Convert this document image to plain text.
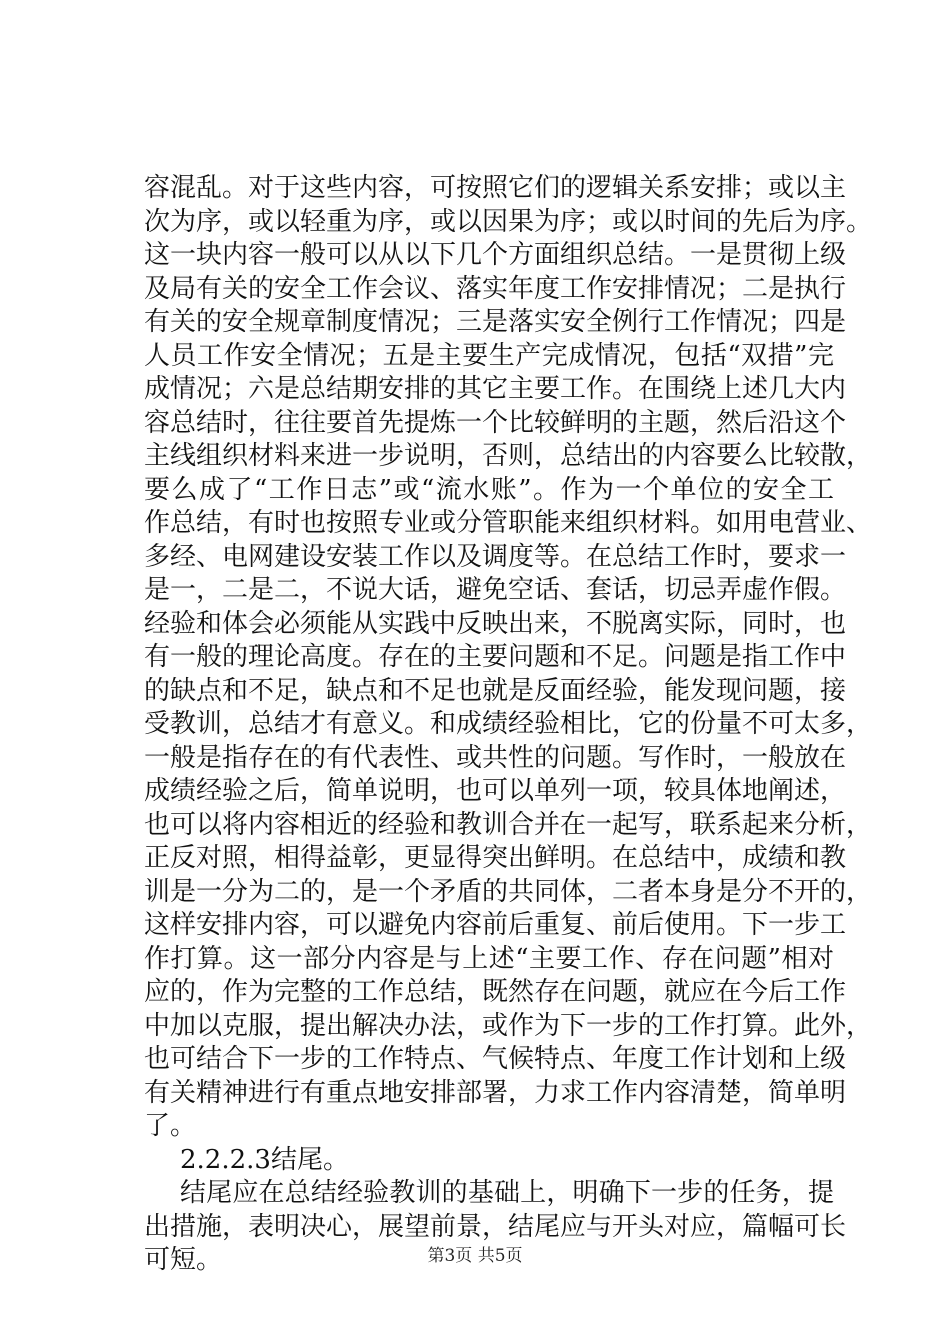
容混乱。对于这些内容，可按照它们的逻辑关系安排；或以主
次为序，或以轻重为序，或以因果为序；或以时间的先后为序。
这一块内容一般可以从以下几个方面组织总结。一是贯彻上级
及局有关的安全工作会议、落实年度工作安排情况；二是执行
有关的安全规章制度情况；三是落实安全例行工作情况；四是
人员工作安全情况；五是主要生产完成情况，包括“双措”完
成情况；六是总结期安排的其它主要工作。在围绕上述几大内
容总结时，往往要首先提炼一个比较鲜明的主题，然后沿这个
主线组织材料来进一步说明，否则，总结出的内容要么比较散，
要么成了“工作日志”或“流水账”。作为一个单位的安全工
作总结，有时也按照专业或分管职能来组织材料。如用电营业、
多经、电网建设安装工作以及调度等。在总结工作时，要求一
是一，二是二，不说大话，避免空话、套话，切忌弄虚作假。
经验和体会必须能从实践中反映出来，不脱离实际，同时，也
有一般的理论高度。存在的主要问题和不足。问题是指工作中
的缺点和不足，缺点和不足也就是反面经验，能发现问题，接
受教训，总结才有意义。和成绩经验相比，它的份量不可太多，
一般是指存在的有代表性、或共性的问题。写作时，一般放在
成绩经验之后，简单说明，也可以单列一项，较具体地阐述，
也可以将内容相近的经验和教训合并在一起写，联系起来分析，
正反对照，相得益彰，更显得突出鲜明。在总结中，成绩和教
训是一分为二的，是一个矛盾的共同体，二者本身是分不开的，
这样安排内容，可以避免内容前后重复、前后使用。下一步工
作打算。这一部分内容是与上述“主要工作、存在问题”相对
应的，作为完整的工作总结，既然存在问题，就应在今后工作
中加以克服，提出解决办法，或作为下一步的工作打算。此外，
也可结合下一步的工作特点、气候特点、年度工作计划和上级
有关精神进行有重点地安排部署，力求工作内容清楚，简单明
了。
2.2.2.3结尾。
结尾应在总结经验教训的基础上，明确下一步的任务，提
出措施，表明决心，展望前景，结尾应与开头对应，篇幅可长
可短。	第3页 共5页
